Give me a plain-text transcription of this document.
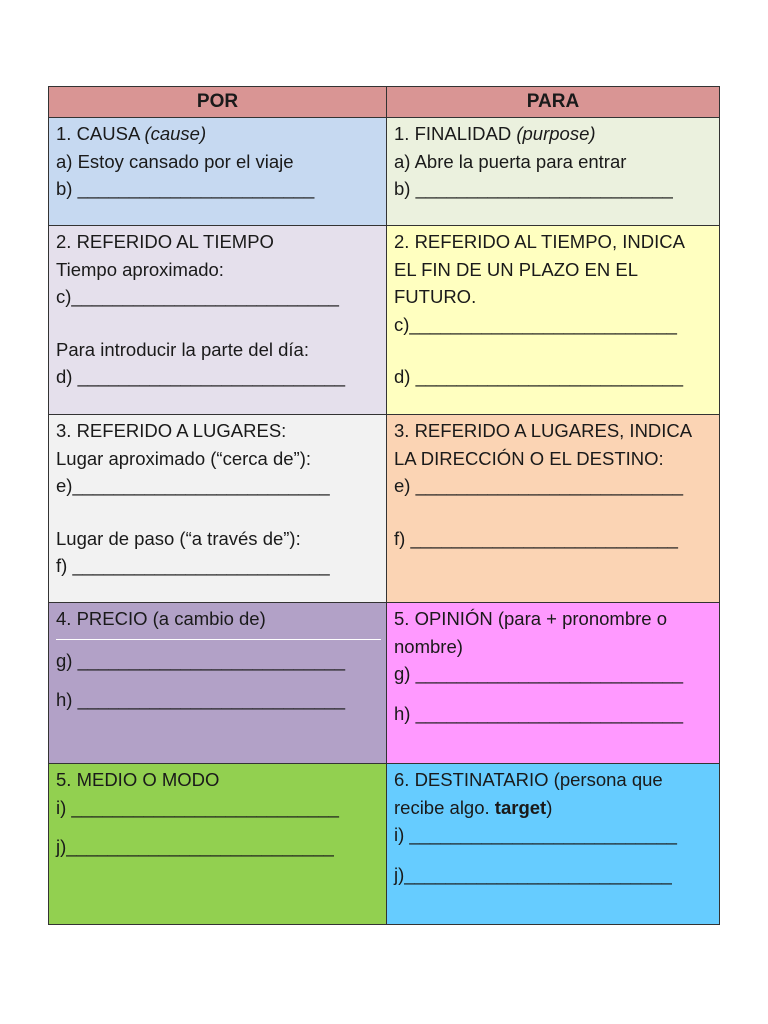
POR	PARA

1. CAUSA (cause)
a) Estoy cansado por el viaje
b) _______________________	1. FINALIDAD (purpose)
a) Abre la puerta para entrar
b) _________________________

2. REFERIDO AL TIEMPO
Tiempo aproximado:
c)__________________________
Para introducir la parte del día:
d) __________________________	2. REFERIDO AL TIEMPO, INDICA
EL FIN DE UN PLAZO EN EL
FUTURO.
c)__________________________
d) __________________________

3. REFERIDO A LUGARES:
Lugar aproximado (“cerca de”):
e)_________________________
Lugar de paso (“a través de”):
f) _________________________	3. REFERIDO A LUGARES, INDICA
LA DIRECCIÓN O EL DESTINO:
e) __________________________
f) __________________________

4. PRECIO (a cambio de)
g) __________________________
h) __________________________	5. OPINIÓN (para + pronombre o
nombre)
g) __________________________
h) __________________________

5. MEDIO O MODO
i) __________________________
j)__________________________	6. DESTINATARIO (persona que
recibe algo. target)
i) __________________________
j)__________________________
